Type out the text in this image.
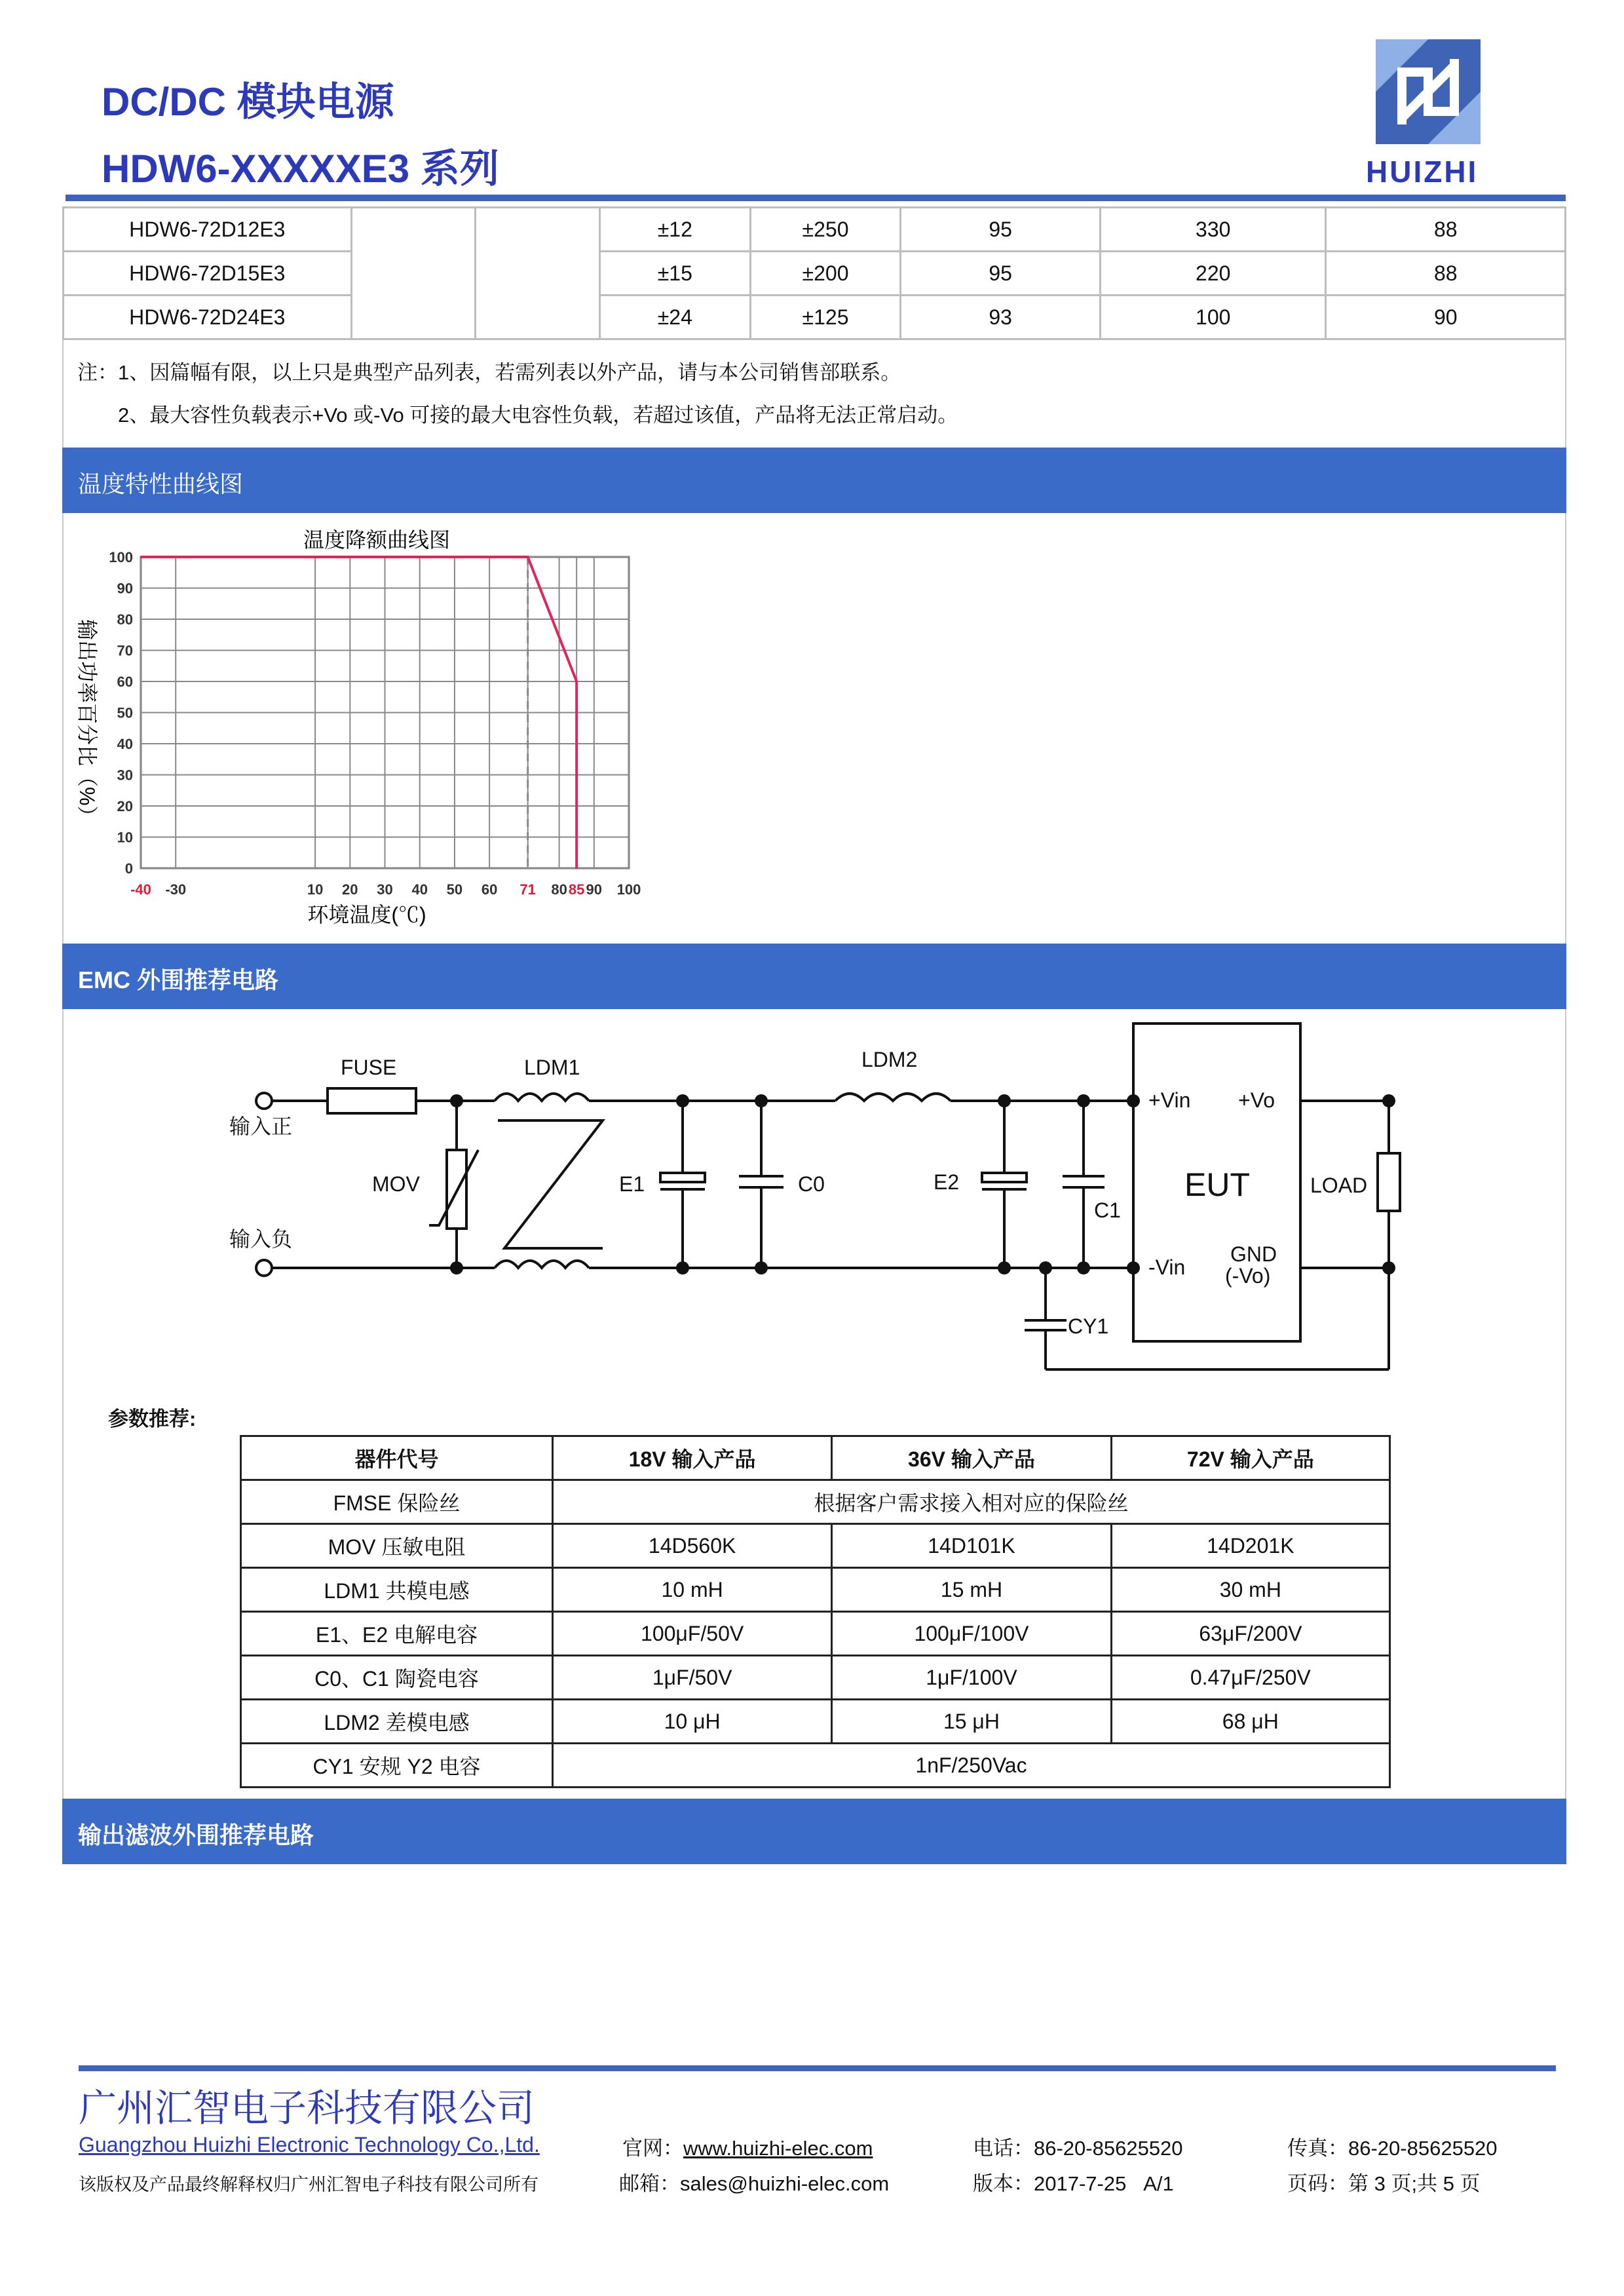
DC/DC 模块电源
HDW6-XXXXXE3 系列	HUIZHI
HDW6-72D12E3			±12	±250	95	330	88
HDW6-72D15E3			±15	±200	95	220	88
HDW6-72D24E3			±24	±125	93	100	90
注：1、因篇幅有限，以上只是典型产品列表，若需列表以外产品，请与本公司销售部联系。
2、最大容性负载表示+Vo 或-Vo 可接的最大电容性负载，若超过该值，产品将无法正常启动。
温度特性曲线图
温度降额曲线图
-40 -30	10 20 30 40 50 60 71 80 85 90 100
0
10
20
30
40
50
60
70
80
90
100
环境温度(℃)
输出功率百分比（%）
EMC 外围推荐电路
FUSE	LDM1	LDM2
MOV	E1	C0	E2
C1
CY1
+Vin
-Vin
+Vo
GND
(-Vo)
LOAD
输入正
输入负
EUT
参数推荐:
器件代号	18V 输入产品	36V 输入产品	72V 输入产品
FMSE 保险丝	根据客户需求接入相对应的保险丝		
MOV 压敏电阻	14D560K	14D101K	14D201K
LDM1 共模电感	10 mH	15 mH	30 mH
E1、E2 电解电容	100μF/50V	100μF/100V	63μF/200V
C0、C1 陶瓷电容	1μF/50V	1μF/100V	0.47μF/250V
LDM2 差模电感	10 μH	15 μH	68 μH
CY1 安规 Y2 电容	1nF/250Vac		
输出滤波外围推荐电路
广州汇智电子科技有限公司
Guangzhou Huizhi Electronic Technology Co.,Ltd.
该版权及产品最终解释权归广州汇智电子科技有限公司所有
官网：www.huizhi-elec.com
邮箱：sales@huizhi-elec.com
电话：86-20-85625520
版本：2017-7-25 A/1
传真：86-20-85625520
页码：第 3 页;共 5 页
